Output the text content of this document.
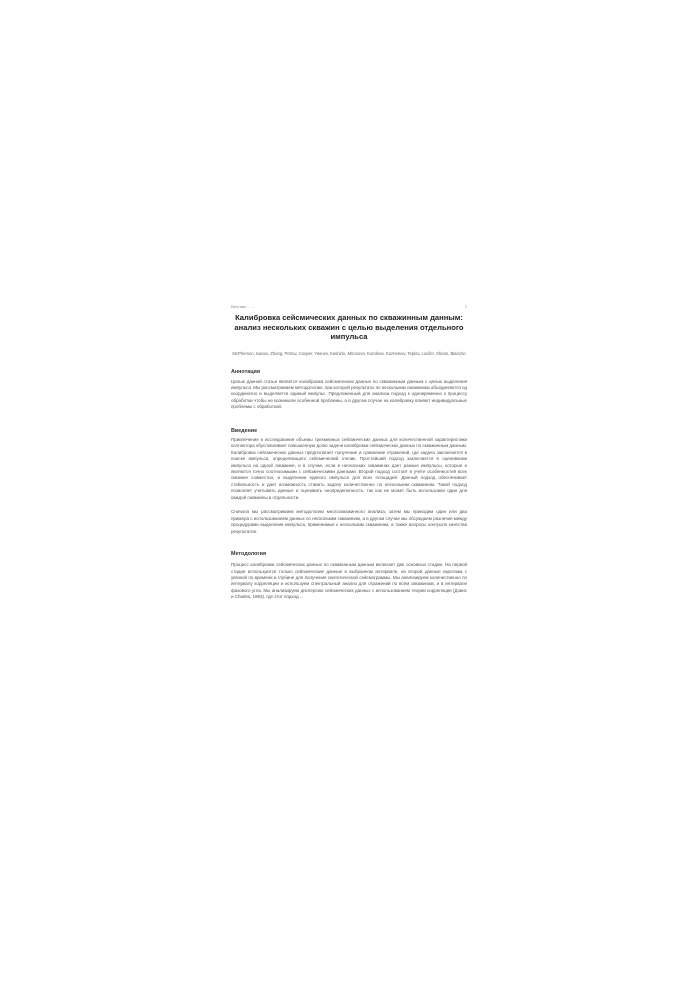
Вестник ... ...	1
Калибровка сейсмических данных по скважинным данным: анализ нескольких скважин с целью выделения отдельного импульса

McPherson, Ivanov, Zheng, Petrov, Cooper, Yasnev, Kashirin, Mironova, Koroleva, Kuznetsov, Teplov, Lucifer, Shiran, Blanche

Аннотация

Целью данной статьи является калибровка сейсмических данных по скважинным данным с целью выделения импульса. Мы рассматриваем методологию, при которой результаты по нескольким скважинам объединяются од координатно и выделяется единый импульс. Предложенный для анализа подход к одновременно к процессу обработки чтобы не возникали особенной проблемы, а в другом случае на калибровку влияют индивидуальные проблемы с обработкой.

Введение

Привлечение в исследования объемы трехмерных сейсмических данных для количественной характеристики коллектора обусловливает повышенную долю задачи калибровки сейсмических данных по скважинным данным. Калибровка сейсмических данных предполагает получение и сравнение отражений, где задача заключается в поиске импульса, определяющего сейсмический отклик. Простейший подход заключается в оценивании импульса на одной скважине, и в случае, если в нескольких скважинах дает разные импульсы, которые и являются точно соотносимыми с сейсмическими данными. Второй подход состоит в учете особенностей всех скважин совместно, и выделении единого импульса для всех площадей. Данный подход обеспечивает стабильность и дает возможность ставить задачу количественно по нескольким скважинам. Такой подход позволяет учитывать данные и оценивать неопределенность, так как не может быть использован один для каждой скважины в отдельности.

Сначала мы рассматриваем методологию многоскважинного анализа; затем мы приводим один или два примера с использованием данных по нескольким скважинам, а в другом случае мы обсуждаем различия между процедурами выделения импульса, применимые к нескольким скважинам, а также вопросы контроля качества результатов.

Методология

Процесс калибровки сейсмических данных по скважинным данным включает две основных стадии. На первой стадии используются только сейсмические данные в выбранном интервале, на второй данные каротажа с увязкой по времени и глубине для получения синтетической сейсмограммы. Мы анализируем количественно по интервалу корреляции и используем спектральный анализ для отражений по всем скважинам, и в интервале фазового угла. Мы анализируем дисперсию сейсмических данных с использованием теории корреляции (Дэвис и Charles, 1983), где этот подход ...
